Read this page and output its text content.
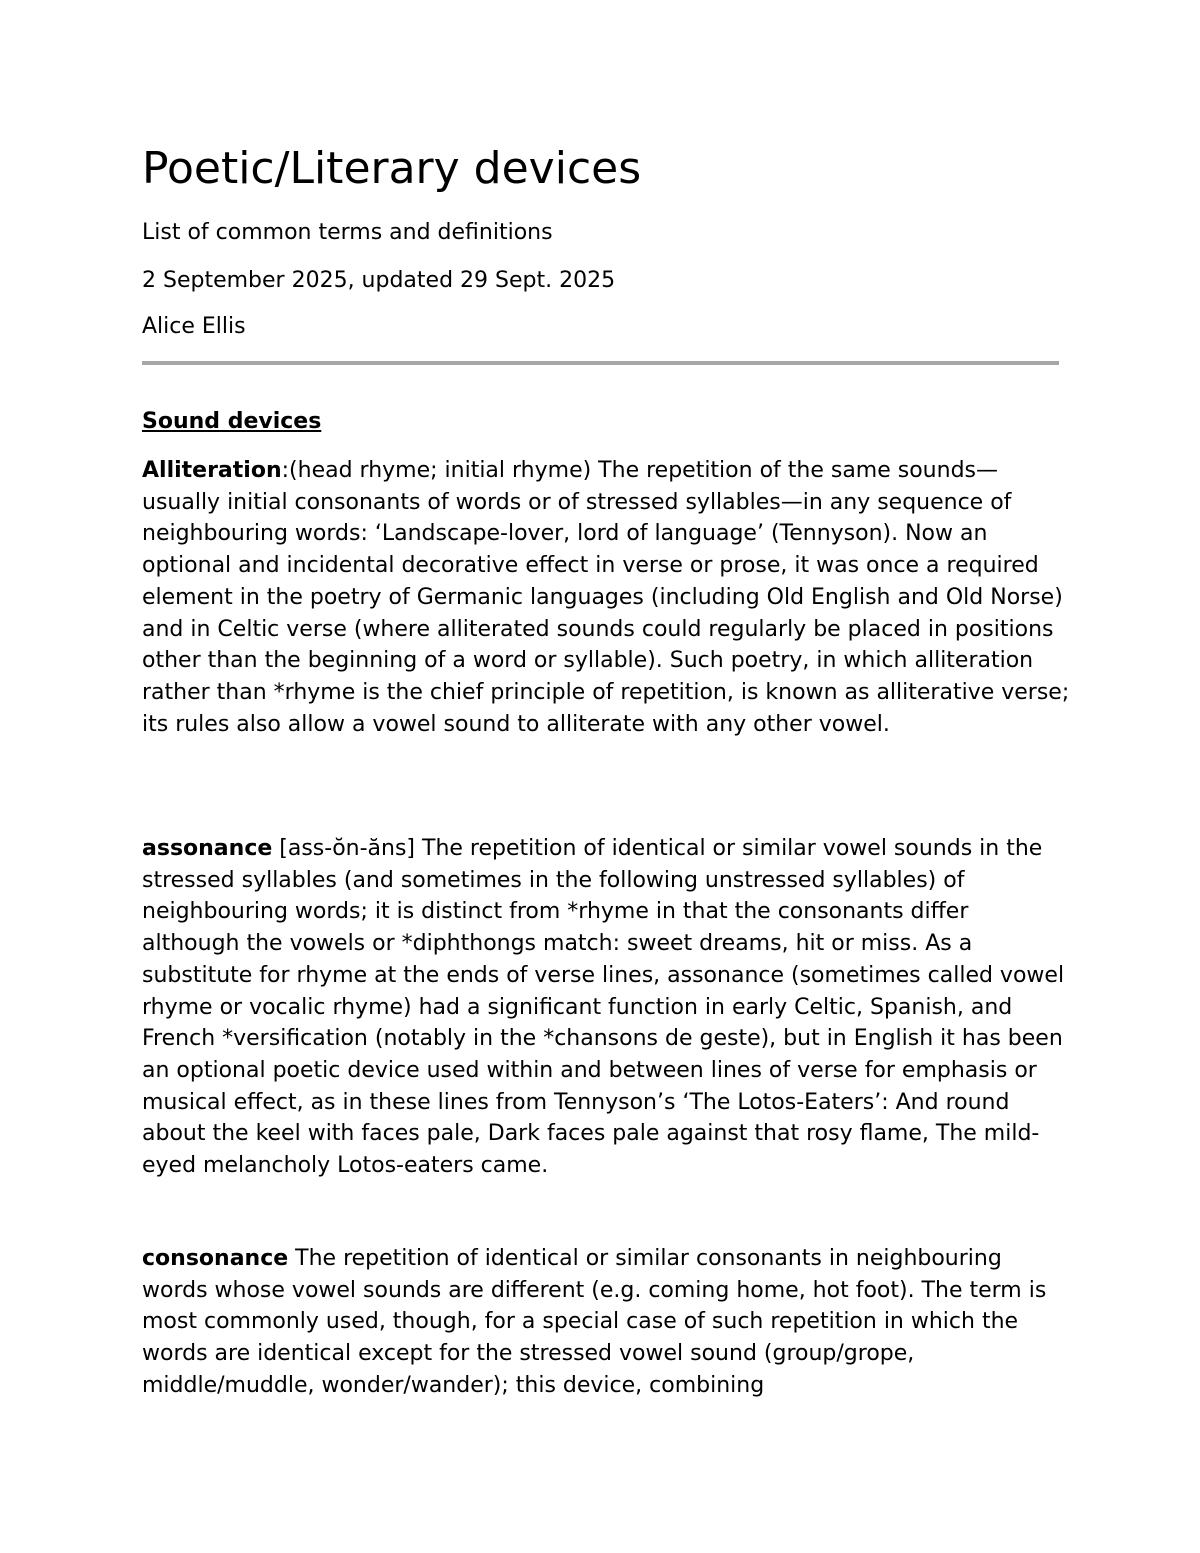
Poetic/Literary devices

List of common terms and definitions

2 September 2025, updated 29 Sept. 2025

Alice Ellis

Sound devices

Alliteration:(head rhyme; initial rhyme) The repetition of the same sounds—usually initial consonants of words or of stressed syllables—in any sequence of neighbouring words: ‘Landscape-lover, lord of language’ (Tennyson). Now an optional and incidental decorative effect in verse or prose, it was once a required element in the poetry of Germanic languages (including Old English and Old Norse) and in Celtic verse (where alliterated sounds could regularly be placed in positions other than the beginning of a word or syllable). Such poetry, in which alliteration rather than *rhyme is the chief principle of repetition, is known as alliterative verse; its rules also allow a vowel sound to alliterate with any other vowel.

assonance [ass-ŏn-ăns] The repetition of identical or similar vowel sounds in the stressed syllables (and sometimes in the following unstressed syllables) of neighbouring words; it is distinct from *rhyme in that the consonants differ although the vowels or *diphthongs match: sweet dreams, hit or miss. As a substitute for rhyme at the ends of verse lines, assonance (sometimes called vowel rhyme or vocalic rhyme) had a significant function in early Celtic, Spanish, and French *versification (notably in the *chansons de geste), but in English it has been an optional poetic device used within and between lines of verse for emphasis or musical effect, as in these lines from Tennyson’s ‘The Lotos-Eaters’: And round about the keel with faces pale, Dark faces pale against that rosy flame, The mild-eyed melancholy Lotos-eaters came.

consonance The repetition of identical or similar consonants in neighbouring words whose vowel sounds are different (e.g. coming home, hot foot). The term is most commonly used, though, for a special case of such repetition in which the words are identical except for the stressed vowel sound (group/grope, middle/muddle, wonder/wander); this device, combining
